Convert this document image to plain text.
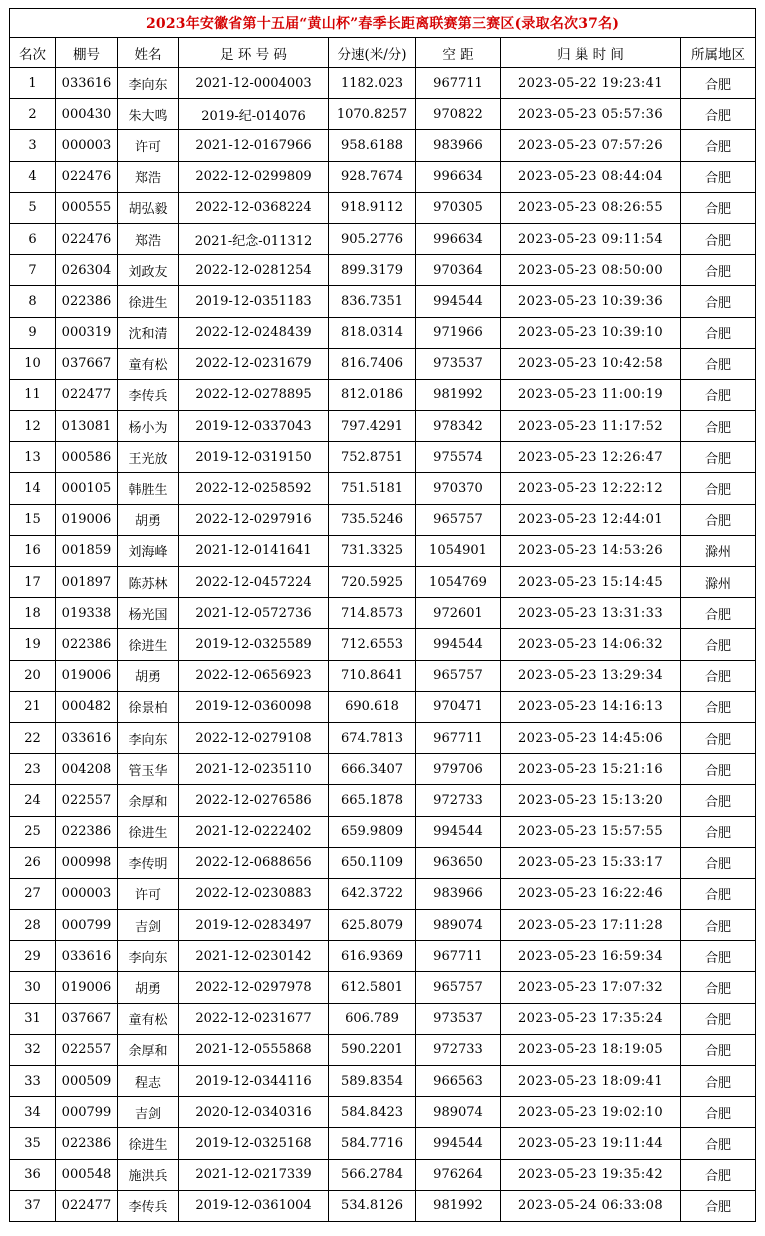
2023年安徽省第十五届“黄山杯”春季长距离联赛第三赛区(录取名次37名)							
名次	棚号	姓名	足 环 号 码	分速(米/分)	空 距	归 巢 时 间	所属地区
1	033616	李向东	2021-12-0004003	1182.023	967711	2023-05-22 19:23:41	合肥
2	000430	朱大鸣	2019-纪-014076	1070.8257	970822	2023-05-23 05:57:36	合肥
3	000003	许可	2021-12-0167966	958.6188	983966	2023-05-23 07:57:26	合肥
4	022476	郑浩	2022-12-0299809	928.7674	996634	2023-05-23 08:44:04	合肥
5	000555	胡弘毅	2022-12-0368224	918.9112	970305	2023-05-23 08:26:55	合肥
6	022476	郑浩	2021-纪念-011312	905.2776	996634	2023-05-23 09:11:54	合肥
7	026304	刘政友	2022-12-0281254	899.3179	970364	2023-05-23 08:50:00	合肥
8	022386	徐进生	2019-12-0351183	836.7351	994544	2023-05-23 10:39:36	合肥
9	000319	沈和清	2022-12-0248439	818.0314	971966	2023-05-23 10:39:10	合肥
10	037667	童有松	2022-12-0231679	816.7406	973537	2023-05-23 10:42:58	合肥
11	022477	李传兵	2022-12-0278895	812.0186	981992	2023-05-23 11:00:19	合肥
12	013081	杨小为	2019-12-0337043	797.4291	978342	2023-05-23 11:17:52	合肥
13	000586	王光放	2019-12-0319150	752.8751	975574	2023-05-23 12:26:47	合肥
14	000105	韩胜生	2022-12-0258592	751.5181	970370	2023-05-23 12:22:12	合肥
15	019006	胡勇	2022-12-0297916	735.5246	965757	2023-05-23 12:44:01	合肥
16	001859	刘海峰	2021-12-0141641	731.3325	1054901	2023-05-23 14:53:26	滁州
17	001897	陈苏林	2022-12-0457224	720.5925	1054769	2023-05-23 15:14:45	滁州
18	019338	杨光国	2021-12-0572736	714.8573	972601	2023-05-23 13:31:33	合肥
19	022386	徐进生	2019-12-0325589	712.6553	994544	2023-05-23 14:06:32	合肥
20	019006	胡勇	2022-12-0656923	710.8641	965757	2023-05-23 13:29:34	合肥
21	000482	徐景柏	2019-12-0360098	690.618	970471	2023-05-23 14:16:13	合肥
22	033616	李向东	2022-12-0279108	674.7813	967711	2023-05-23 14:45:06	合肥
23	004208	管玉华	2021-12-0235110	666.3407	979706	2023-05-23 15:21:16	合肥
24	022557	余厚和	2022-12-0276586	665.1878	972733	2023-05-23 15:13:20	合肥
25	022386	徐进生	2021-12-0222402	659.9809	994544	2023-05-23 15:57:55	合肥
26	000998	李传明	2022-12-0688656	650.1109	963650	2023-05-23 15:33:17	合肥
27	000003	许可	2022-12-0230883	642.3722	983966	2023-05-23 16:22:46	合肥
28	000799	吉剑	2019-12-0283497	625.8079	989074	2023-05-23 17:11:28	合肥
29	033616	李向东	2021-12-0230142	616.9369	967711	2023-05-23 16:59:34	合肥
30	019006	胡勇	2022-12-0297978	612.5801	965757	2023-05-23 17:07:32	合肥
31	037667	童有松	2022-12-0231677	606.789	973537	2023-05-23 17:35:24	合肥
32	022557	余厚和	2021-12-0555868	590.2201	972733	2023-05-23 18:19:05	合肥
33	000509	程志	2019-12-0344116	589.8354	966563	2023-05-23 18:09:41	合肥
34	000799	吉剑	2020-12-0340316	584.8423	989074	2023-05-23 19:02:10	合肥
35	022386	徐进生	2019-12-0325168	584.7716	994544	2023-05-23 19:11:44	合肥
36	000548	施洪兵	2021-12-0217339	566.2784	976264	2023-05-23 19:35:42	合肥
37	022477	李传兵	2019-12-0361004	534.8126	981992	2023-05-24 06:33:08	合肥
